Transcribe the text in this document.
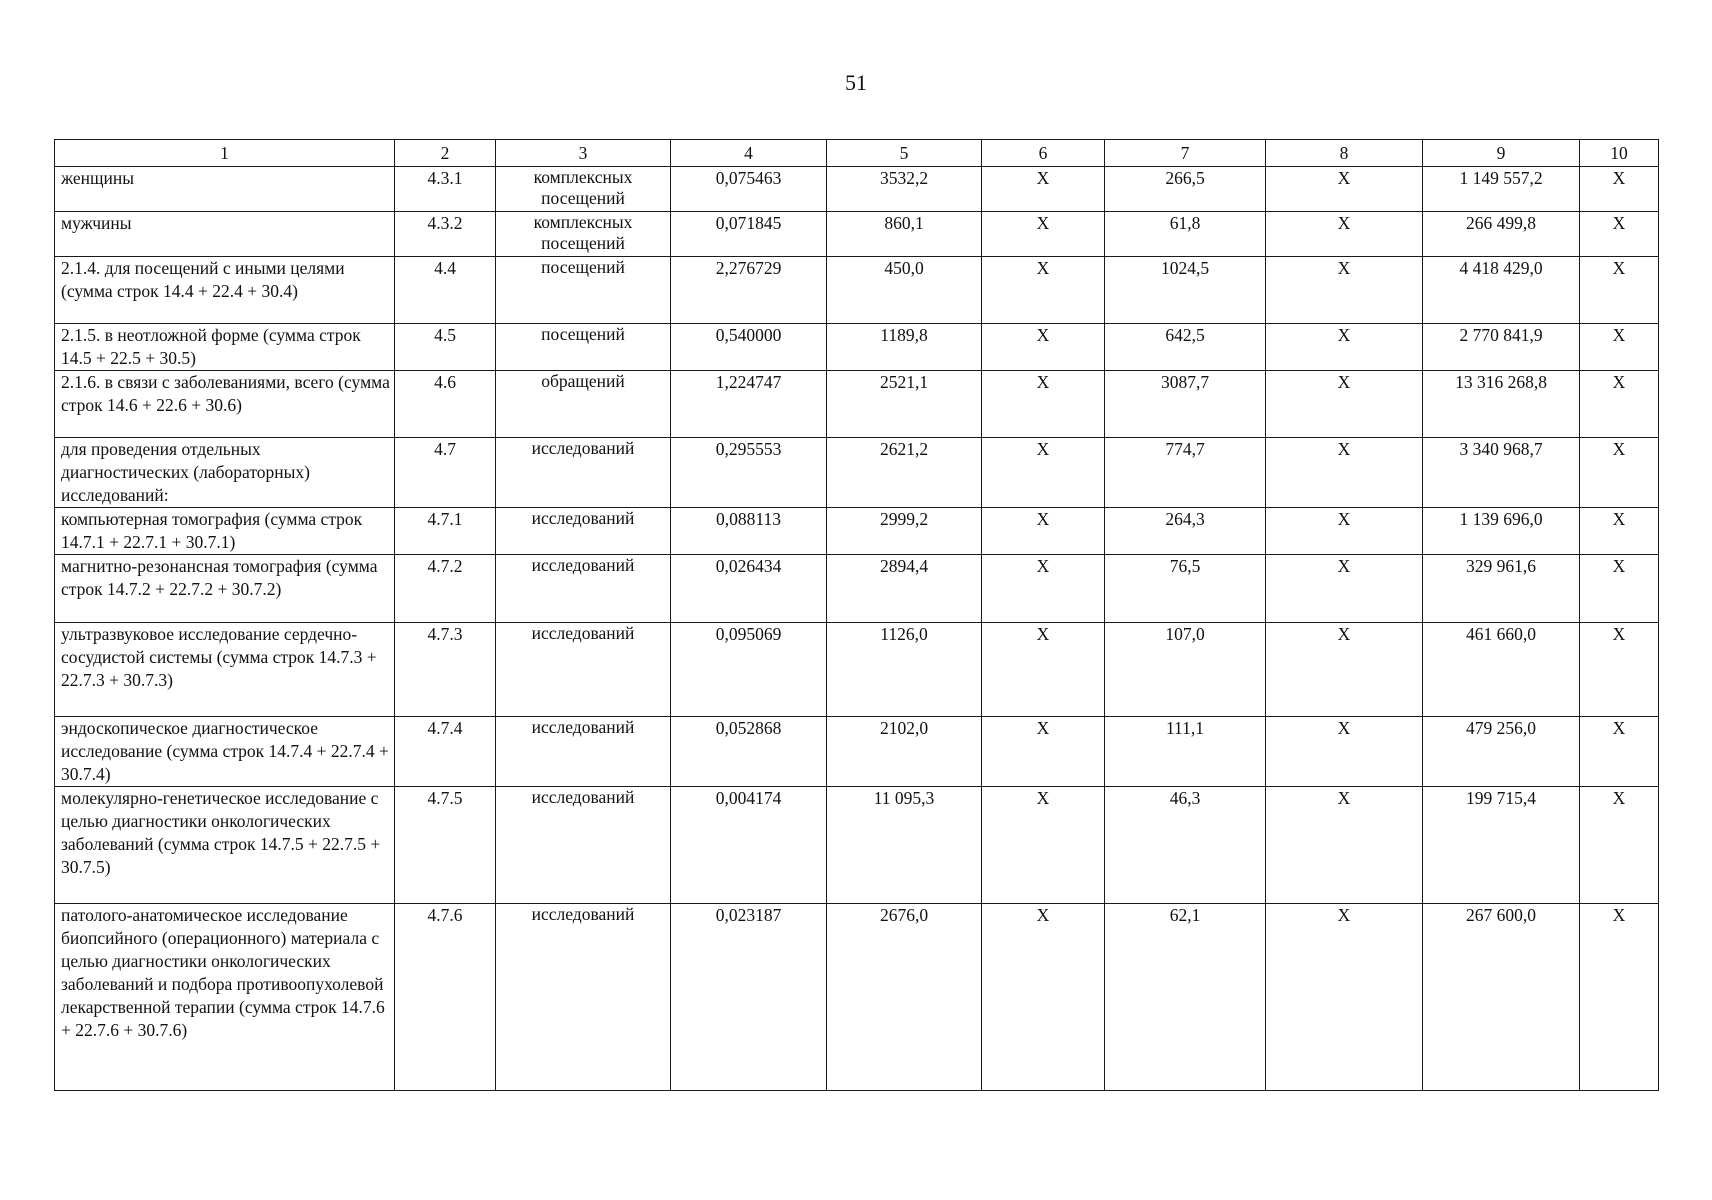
51
1	2	3	4	5	6	7	8	9	10
женщины	4.3.1	комплексных посещений	0,075463	3532,2	X	266,5	X	1 149 557,2	X
мужчины	4.3.2	комплексных посещений	0,071845	860,1	X	61,8	X	266 499,8	X
2.1.4. для посещений с иными целями (сумма строк 14.4 + 22.4 + 30.4)	4.4	посещений	2,276729	450,0	X	1024,5	X	4 418 429,0	X
2.1.5. в неотложной форме (сумма строк 14.5 + 22.5 + 30.5)	4.5	посещений	0,540000	1189,8	X	642,5	X	2 770 841,9	X
2.1.6. в связи с заболеваниями, всего (сумма строк 14.6 + 22.6 + 30.6)	4.6	обращений	1,224747	2521,1	X	3087,7	X	13 316 268,8	X
для проведения отдельных диагностических (лабораторных) исследований:	4.7	исследований	0,295553	2621,2	X	774,7	X	3 340 968,7	X
компьютерная томография (сумма строк 14.7.1 + 22.7.1 + 30.7.1)	4.7.1	исследований	0,088113	2999,2	X	264,3	X	1 139 696,0	X
магнитно-резонансная томография (сумма строк 14.7.2 + 22.7.2 + 30.7.2)	4.7.2	исследований	0,026434	2894,4	X	76,5	X	329 961,6	X
ультразвуковое исследование сердечно-сосудистой системы (сумма строк 14.7.3 + 22.7.3 + 30.7.3)	4.7.3	исследований	0,095069	1126,0	X	107,0	X	461 660,0	X
эндоскопическое диагностическое исследование (сумма строк 14.7.4 + 22.7.4 + 30.7.4)	4.7.4	исследований	0,052868	2102,0	X	111,1	X	479 256,0	X
молекулярно-генетическое исследование с целью диагностики онкологических заболеваний (сумма строк 14.7.5 + 22.7.5 + 30.7.5)	4.7.5	исследований	0,004174	11 095,3	X	46,3	X	199 715,4	X
патолого-анатомическое исследование биопсийного (операционного) материала с целью диагностики онкологических заболеваний и подбора противоопухолевой лекарственной терапии (сумма строк 14.7.6 + 22.7.6 + 30.7.6)	4.7.6	исследований	0,023187	2676,0	X	62,1	X	267 600,0	X
